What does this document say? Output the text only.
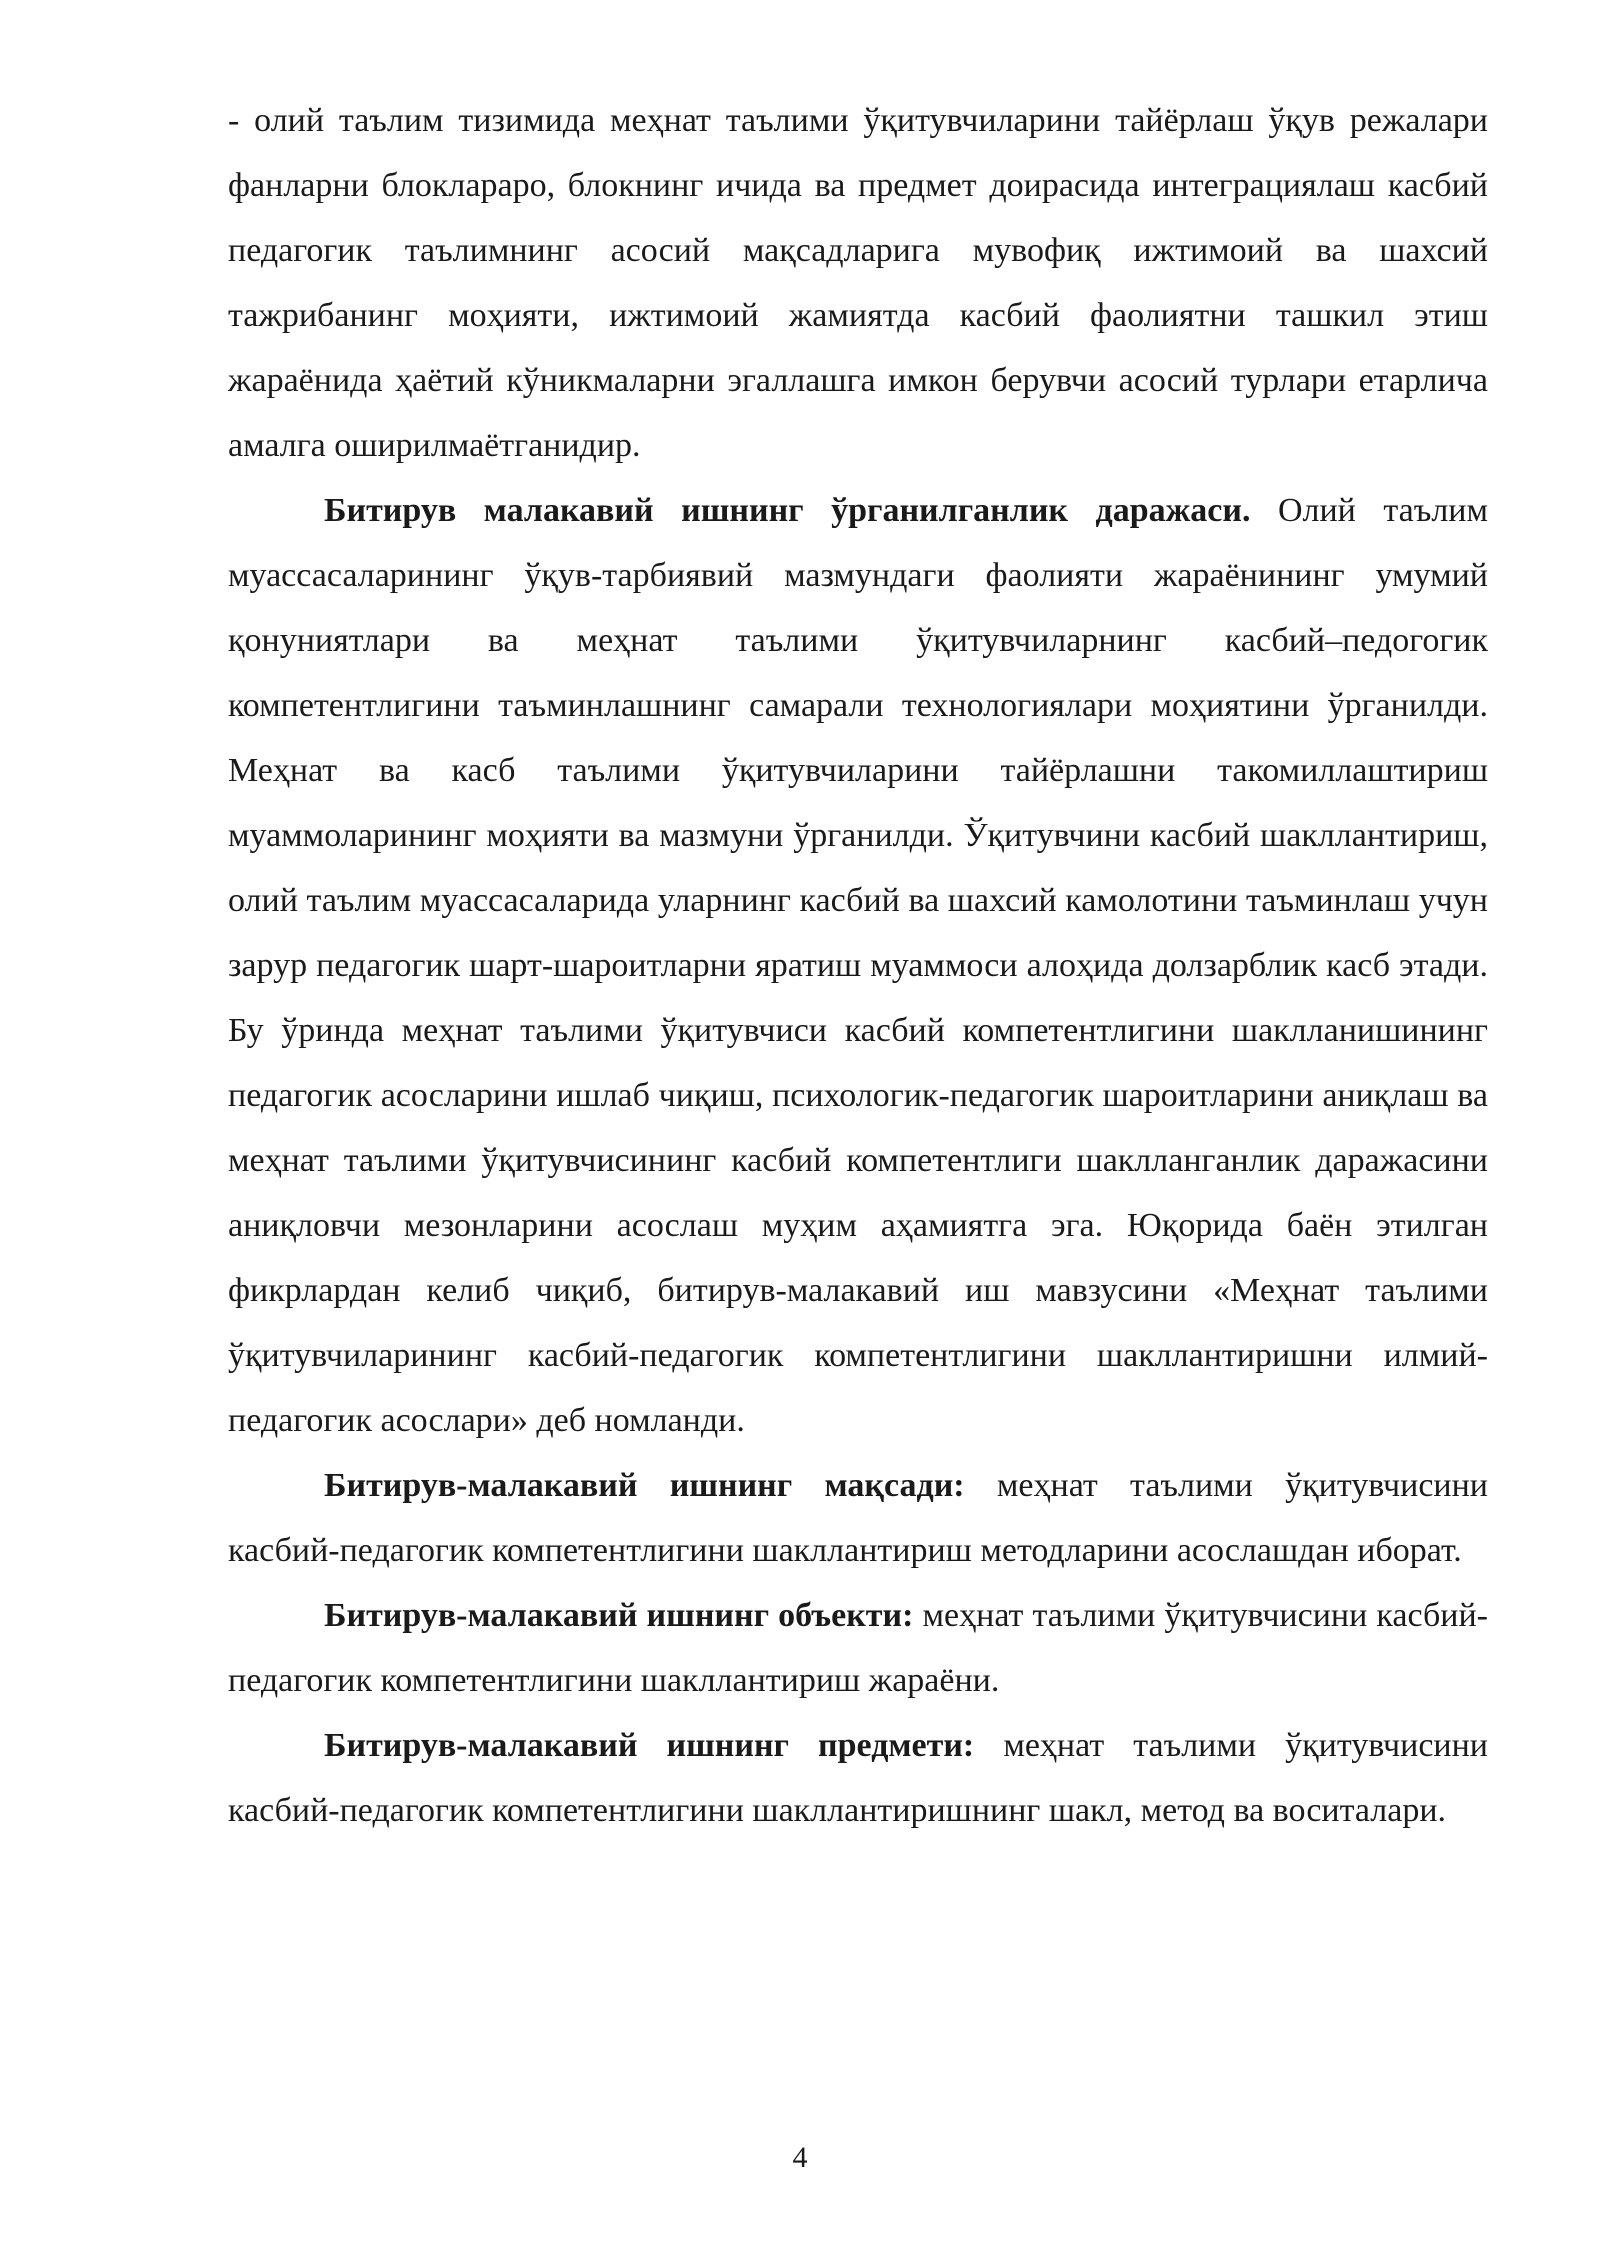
- олий таълим тизимида меҳнат таълими ўқитувчиларини тайёрлаш ўқув режалари фанларни блоклараро, блокнинг ичида ва предмет доирасида интеграциялаш касбий педагогик таълимнинг асосий мақсадларига мувофиқ ижтимоий ва шахсий тажрибанинг моҳияти, ижтимоий жамиятда касбий фаолиятни ташкил этиш жараёнида ҳаётий кўникмаларни эгаллашга имкон берувчи асосий турлари етарлича амалга оширилмаётганидир.

Битирув малакавий ишнинг ўрганилганлик даражаси. Олий таълим муассасаларининг ўқув-тарбиявий мазмундаги фаолияти жараёнининг умумий қонуниятлари ва меҳнат таълими ўқитувчиларнинг касбий–педогогик компетентлигини таъминлашнинг самарали технологиялари моҳиятини ўрганилди. Меҳнат ва касб таълими ўқитувчиларини тайёрлашни такомиллаштириш муаммоларининг моҳияти ва мазмуни ўрганилди. Ўқитувчини касбий шакллантириш, олий таълим муассасаларида уларнинг касбий ва шахсий камолотини таъминлаш учун зарур педагогик шарт-шароитларни яратиш муаммоси алоҳида долзарблик касб этади. Бу ўринда меҳнат таълими ўқитувчиси касбий компетентлигини шаклланишининг педагогик асосларини ишлаб чиқиш, психологик-педагогик шароитларини аниқлаш ва меҳнат таълими ўқитувчисининг касбий компетентлиги шаклланганлик даражасини аниқловчи мезонларини асослаш муҳим аҳамиятга эга. Юқорида баён этилган фикрлардан келиб чиқиб, битирув-малакавий иш мавзусини «Меҳнат таълими ўқитувчиларининг касбий-педагогик компетентлигини шакллантиришни илмий-педагогик асослари» деб номланди.

Битирув-малакавий ишнинг мақсади: меҳнат таълими ўқитувчисини касбий-педагогик компетентлигини шакллантириш методларини асослашдан иборат.

Битирув-малакавий ишнинг объекти: меҳнат таълими ўқитувчисини касбий-педагогик компетентлигини шакллантириш жараёни.

Битирув-малакавий ишнинг предмети: меҳнат таълими ўқитувчисини касбий-педагогик компетентлигини шакллантиришнинг шакл, метод ва воситалари.

4
